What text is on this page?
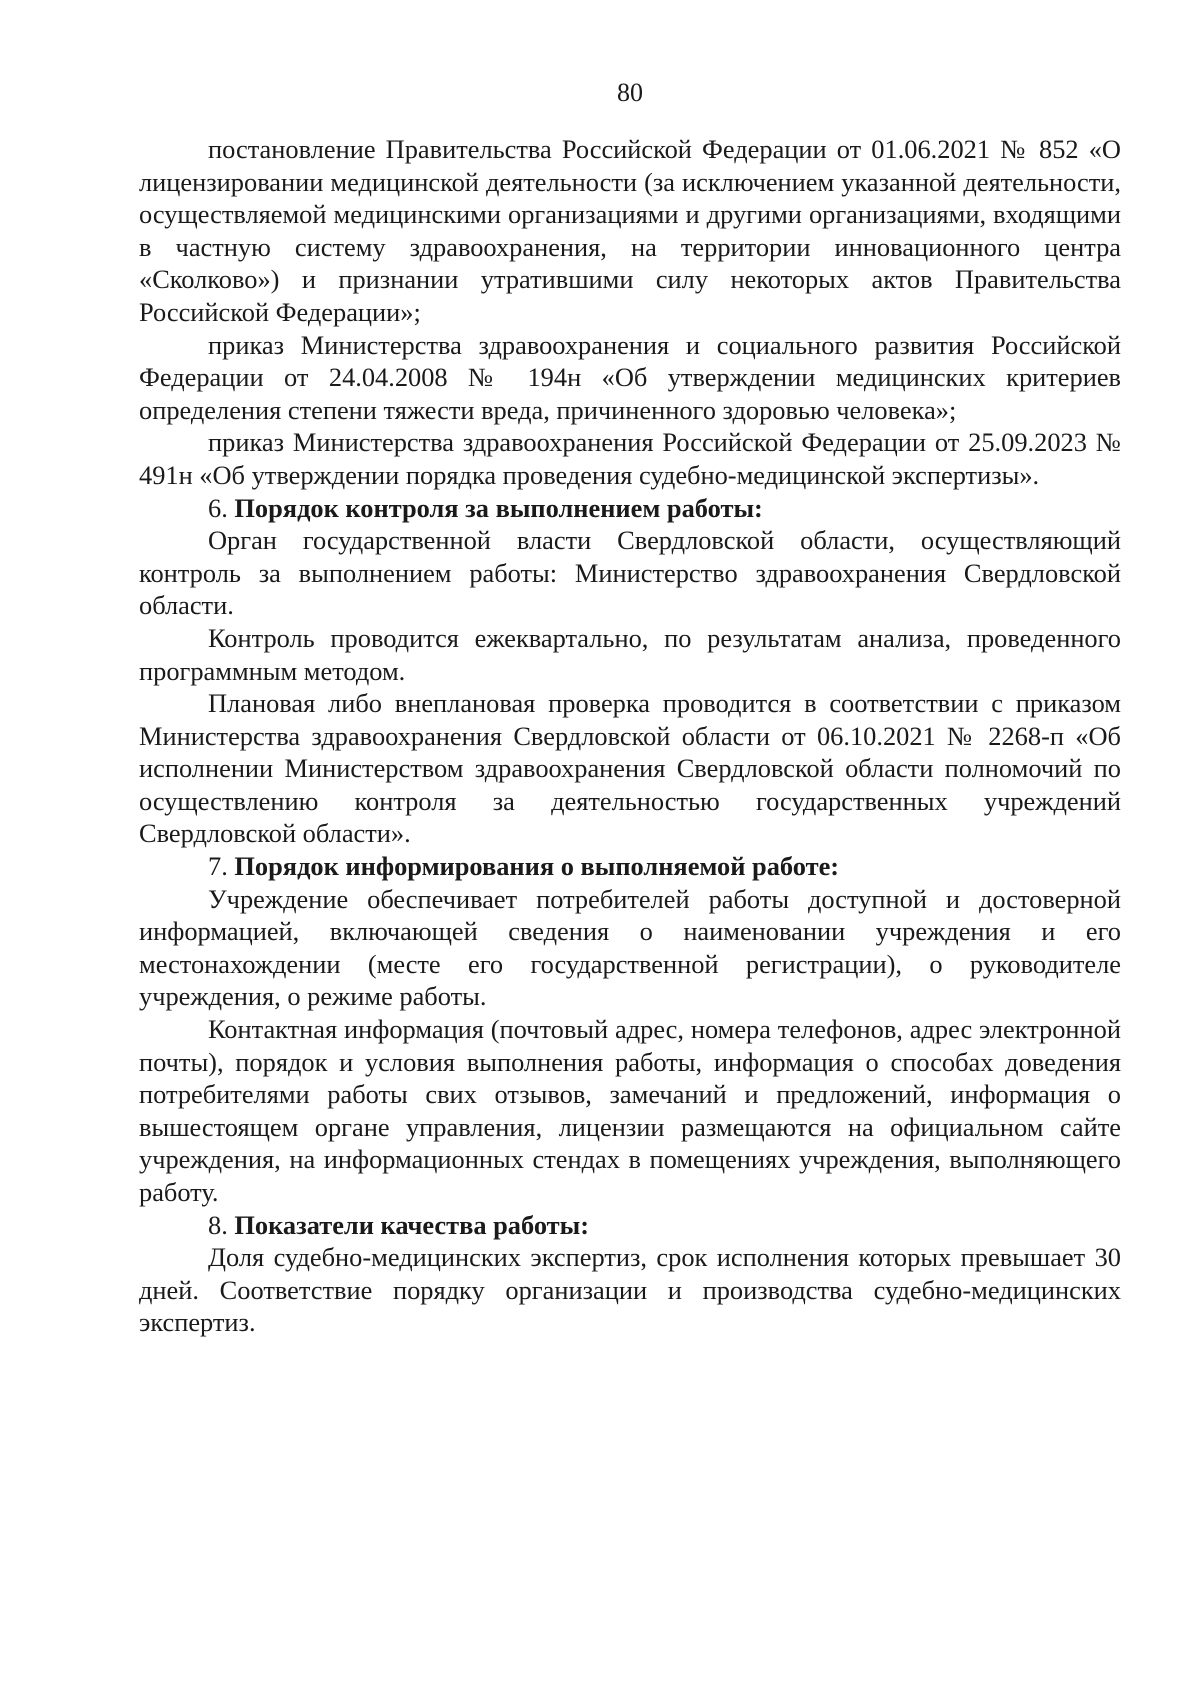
80

постановление Правительства Российской Федерации от 01.06.2021 № 852 «О лицензировании медицинской деятельности (за исключением указанной деятельности, осуществляемой медицинскими организациями и другими организациями, входящими в частную систему здравоохранения, на территории инновационного центра «Сколково») и признании утратившими силу некоторых актов Правительства Российской Федерации»;

приказ Министерства здравоохранения и социального развития Российской Федерации от 24.04.2008 № 194н «Об утверждении медицинских критериев определения степени тяжести вреда, причиненного здоровью человека»;

приказ Министерства здравоохранения Российской Федерации от 25.09.2023 № 491н «Об утверждении порядка проведения судебно-медицинской экспертизы».

6. Порядок контроля за выполнением работы:

Орган государственной власти Свердловской области, осуществляющий контроль за выполнением работы: Министерство здравоохранения Свердловской области.

Контроль проводится ежеквартально, по результатам анализа, проведенного программным методом.

Плановая либо внеплановая проверка проводится в соответствии с приказом Министерства здравоохранения Свердловской области от 06.10.2021 № 2268-п «Об исполнении Министерством здравоохранения Свердловской области полномочий по осуществлению контроля за деятельностью государственных учреждений Свердловской области».

7. Порядок информирования о выполняемой работе:

Учреждение обеспечивает потребителей работы доступной и достоверной информацией, включающей сведения о наименовании учреждения и его местонахождении (месте его государственной регистрации), о руководителе учреждения, о режиме работы.

Контактная информация (почтовый адрес, номера телефонов, адрес электронной почты), порядок и условия выполнения работы, информация о способах доведения потребителями работы свих отзывов, замечаний и предложений, информация о вышестоящем органе управления, лицензии размещаются на официальном сайте учреждения, на информационных стендах в помещениях учреждения, выполняющего работу.

8. Показатели качества работы:

Доля судебно-медицинских экспертиз, срок исполнения которых превышает 30 дней. Соответствие порядку организации и производства судебно-медицинских экспертиз.
